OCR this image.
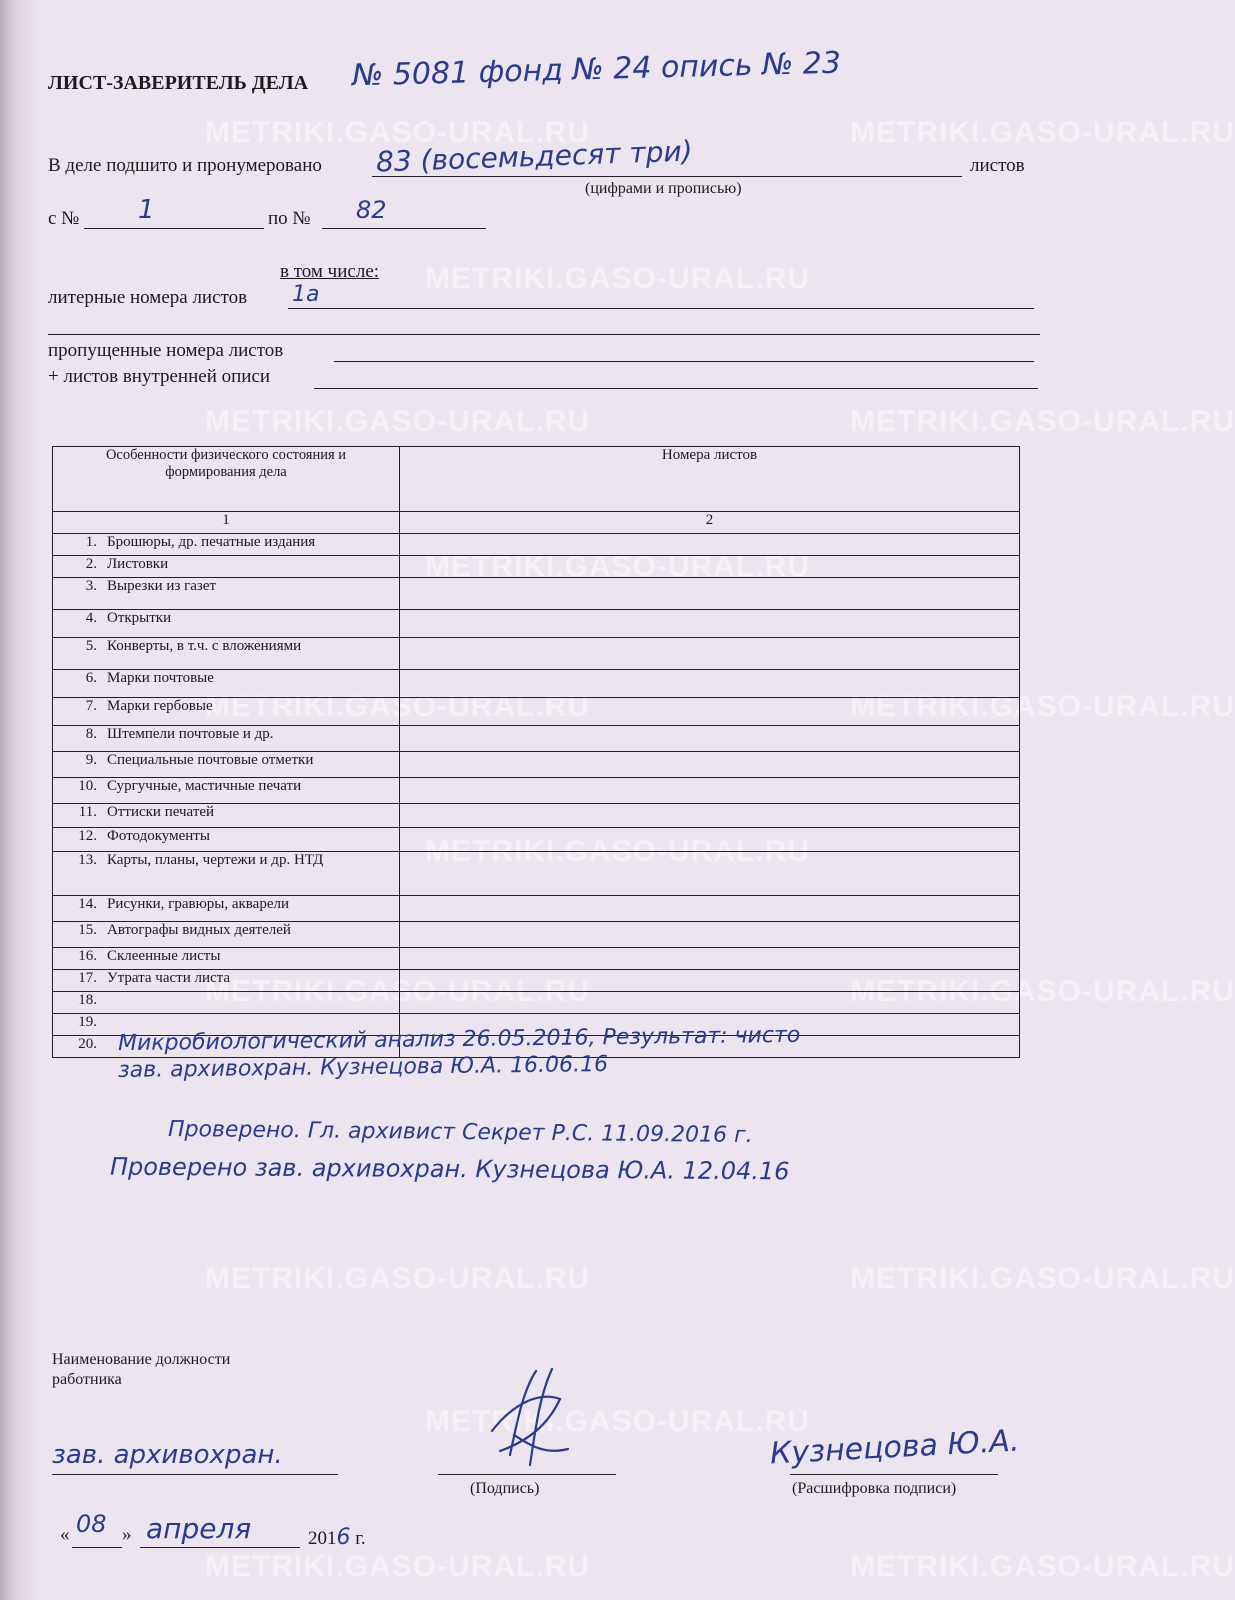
METRIKI.GASO-URAL.RU	METRIKI.GASO-URAL.RU
METRIKI.GASO-URAL.RU
METRIKI.GASO-URAL.RU	METRIKI.GASO-URAL.RU
METRIKI.GASO-URAL.RU
METRIKI.GASO-URAL.RU	METRIKI.GASO-URAL.RU
METRIKI.GASO-URAL.RU
METRIKI.GASO-URAL.RU	METRIKI.GASO-URAL.RU
METRIKI.GASO-URAL.RU	METRIKI.GASO-URAL.RU
METRIKI.GASO-URAL.RU
METRIKI.GASO-URAL.RU	METRIKI.GASO-URAL.RU
ЛИСТ-ЗАВЕРИТЕЛЬ ДЕЛА № 5081 фонд № 24 опись № 23
В деле подшито и пронумеровано 83 (восемьдесят три)	листов
(цифрами и прописью)
с № 1	по № 82
в том числе:
литерные номера листов 1а
пропущенные номера листов
+ листов внутренней описи
Особенности физического состояния и формирования дела	Номера листов
1	2
1. Брошюры, др. печатные издания	
2. Листовки	
3. Вырезки из газет	
4. Открытки	
5. Конверты, в т.ч. с вложениями	
6. Марки почтовые	
7. Марки гербовые	
8. Штемпели почтовые и др.	
9. Специальные почтовые отметки	
10. Сургучные, мастичные печати	
11. Оттиски печатей	
12. Фотодокументы	
13. Карты, планы, чертежи и др. НТД	
14. Рисунки, гравюры, акварели	
15. Автографы видных деятелей	
16. Склеенные листы	
17. Утрата части листа	
18.	
19.	
20.	Микробиологический анализ 26.05.2016, Результат: чисто
зав. архивохран. Кузнецова Ю.А. 16.06.16
Проверено. Гл. архивист Секрет Р.С. 11.09.2016 г.
Проверено зав. архивохран. Кузнецова Ю.А. 12.04.16
Наименование должности
работника
зав. архивохран.
(Подпись)
Кузнецова Ю.А.
(Расшифровка подписи)
« 08 » апреля	2016 г.
